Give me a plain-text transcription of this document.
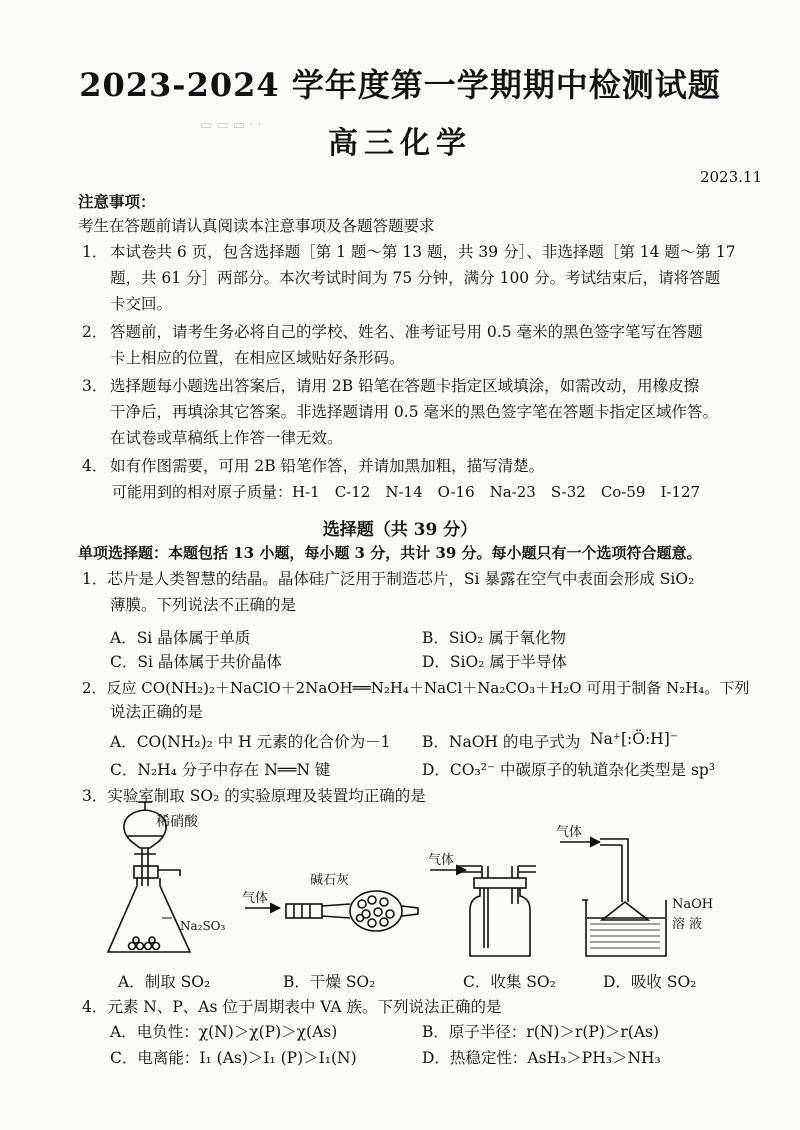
▭ ▭ ▭ · ·
2023-2024 学年度第一学期期中检测试题
高三化学
2023.11
注意事项：
考生在答题前请认真阅读本注意事项及各题答题要求
1． 本试卷共 6 页，包含选择题［第 1 题～第 13 题，共 39 分］、非选择题［第 14 题～第 17
题，共 61 分］两部分。本次考试时间为 75 分钟，满分 100 分。考试结束后，请将答题
卡交回。
2． 答题前，请考生务必将自己的学校、姓名、准考证号用 0.5 毫米的黑色签字笔写在答题
卡上相应的位置，在相应区域贴好条形码。
3． 选择题每小题选出答案后，请用 2B 铅笔在答题卡指定区域填涂，如需改动，用橡皮擦
干净后，再填涂其它答案。非选择题请用 0.5 毫米的黑色签字笔在答题卡指定区域作答。
在试卷或草稿纸上作答一律无效。
4． 如有作图需要，可用 2B 铅笔作答，并请加黑加粗，描写清楚。
可能用到的相对原子质量：H-1　C-12　N-14　O-16　Na-23　S-32　Co-59　I-127
选择题（共 39 分）
单项选择题：本题包括 13 小题，每小题 3 分，共计 39 分。每小题只有一个选项符合题意。
1．芯片是人类智慧的结晶。晶体硅广泛用于制造芯片，Si 暴露在空气中表面会形成 SiO₂
薄膜。下列说法不正确的是
A．Si 晶体属于单质	B．SiO₂ 属于氧化物
C．Si 晶体属于共价晶体	D．SiO₂ 属于半导体
2．反应 CO(NH₂)₂＋NaClO＋2NaOH══N₂H₄＋NaCl＋Na₂CO₃＋H₂O 可用于制备 N₂H₄。下列
说法正确的是
A．CO(NH₂)₂ 中 H 元素的化合价为－1 B．NaOH 的电子式为 Na⁺[:Ö:H]⁻
C．N₂H₄ 分子中存在 N══N 键	D．CO₃²⁻ 中碳原子的轨道杂化类型是 sp³
3．实验室制取 SO₂ 的实验原理及装置均正确的是
稀硝酸
Na₂SO₃
气体
碱石灰
气体
气体
NaOH
溶 液
A．制取 SO₂	B．干燥 SO₂	C．收集 SO₂	D．吸收 SO₂
4．元素 N、P、As 位于周期表中 VA 族。下列说法正确的是
A．电负性：χ(N)＞χ(P)＞χ(As)	B．原子半径：r(N)＞r(P)＞r(As)
C．电离能：I₁ (As)＞I₁ (P)＞I₁(N)	D．热稳定性：AsH₃＞PH₃＞NH₃
